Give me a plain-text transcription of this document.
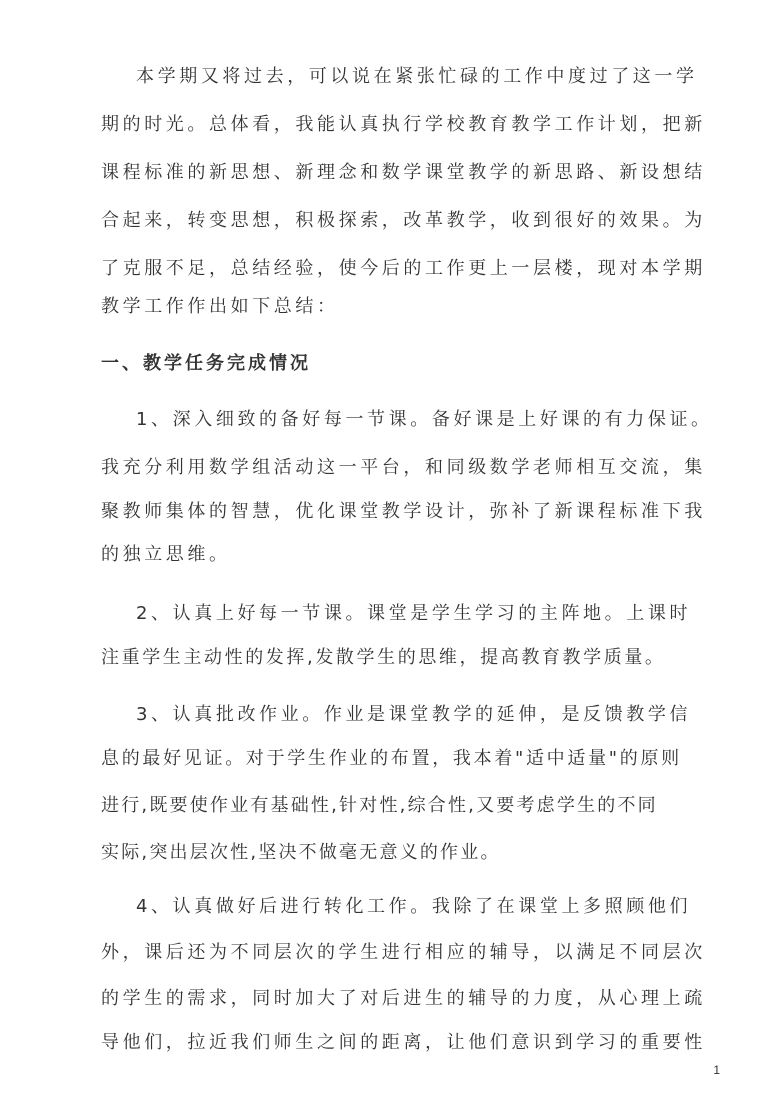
本学期又将过去，可以说在紧张忙碌的工作中度过了这一学
期的时光。总体看，我能认真执行学校教育教学工作计划，把新
课程标准的新思想、新理念和数学课堂教学的新思路、新设想结
合起来，转变思想，积极探索，改革教学，收到很好的效果。为
了克服不足，总结经验，使今后的工作更上一层楼，现对本学期
教学工作作出如下总结：
一、教学任务完成情况
1、深入细致的备好每一节课。备好课是上好课的有力保证。
我充分利用数学组活动这一平台，和同级数学老师相互交流，集
聚教师集体的智慧，优化课堂教学设计，弥补了新课程标准下我
的独立思维。
2、认真上好每一节课。课堂是学生学习的主阵地。上课时
注重学生主动性的发挥,发散学生的思维，提高教育教学质量。
3、认真批改作业。作业是课堂教学的延伸，是反馈教学信
息的最好见证。对于学生作业的布置，我本着"适中适量"的原则
进行,既要使作业有基础性,针对性,综合性,又要考虑学生的不同
实际,突出层次性,坚决不做毫无意义的作业。
4、认真做好后进行转化工作。我除了在课堂上多照顾他们
外，课后还为不同层次的学生进行相应的辅导，以满足不同层次
的学生的需求，同时加大了对后进生的辅导的力度，从心理上疏
导他们，拉近我们师生之间的距离，让他们意识到学习的重要性
1
